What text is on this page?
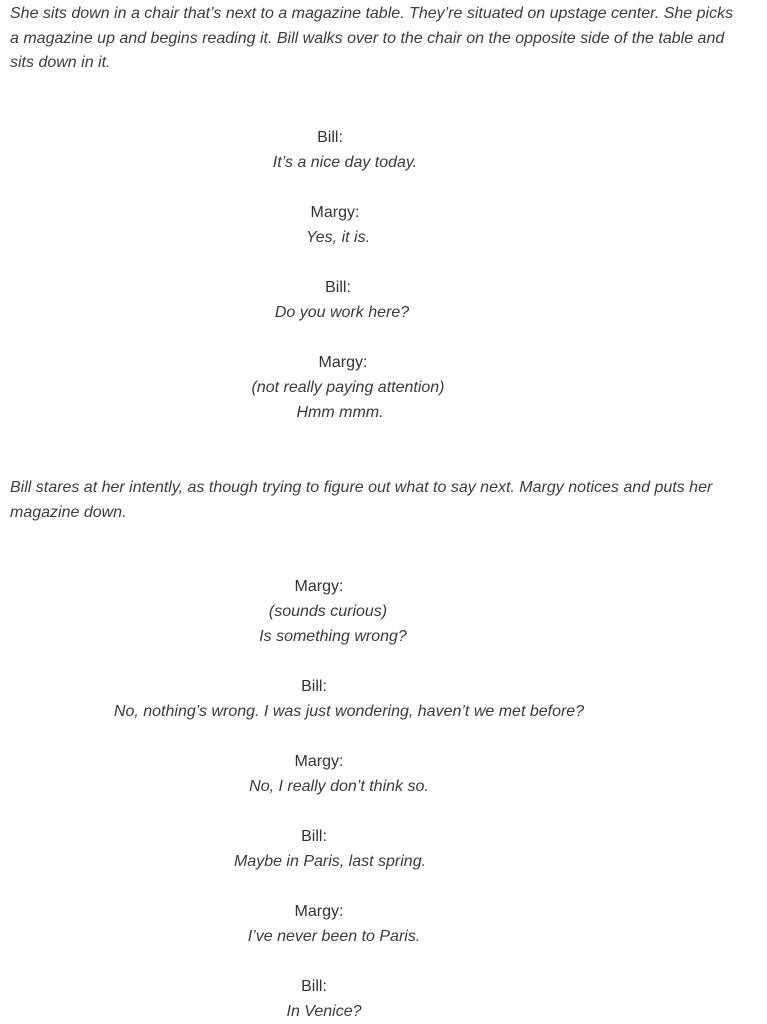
She sits down in a chair that’s next to a magazine table. They’re situated on upstage center. She picks
a magazine up and begins reading it. Bill walks over to the chair on the opposite side of the table and
sits down in it.
Bill:
It’s a nice day today.
Margy:
Yes, it is.
Bill:
Do you work here?
Margy:
(not really paying attention)
Hmm mmm.
Bill stares at her intently, as though trying to figure out what to say next. Margy notices and puts her
magazine down.
Margy:
(sounds curious)
Is something wrong?
Bill:
No, nothing’s wrong. I was just wondering, haven’t we met before?
Margy:
No, I really don’t think so.
Bill:
Maybe in Paris, last spring.
Margy:
I’ve never been to Paris.
Bill:
In Venice?
